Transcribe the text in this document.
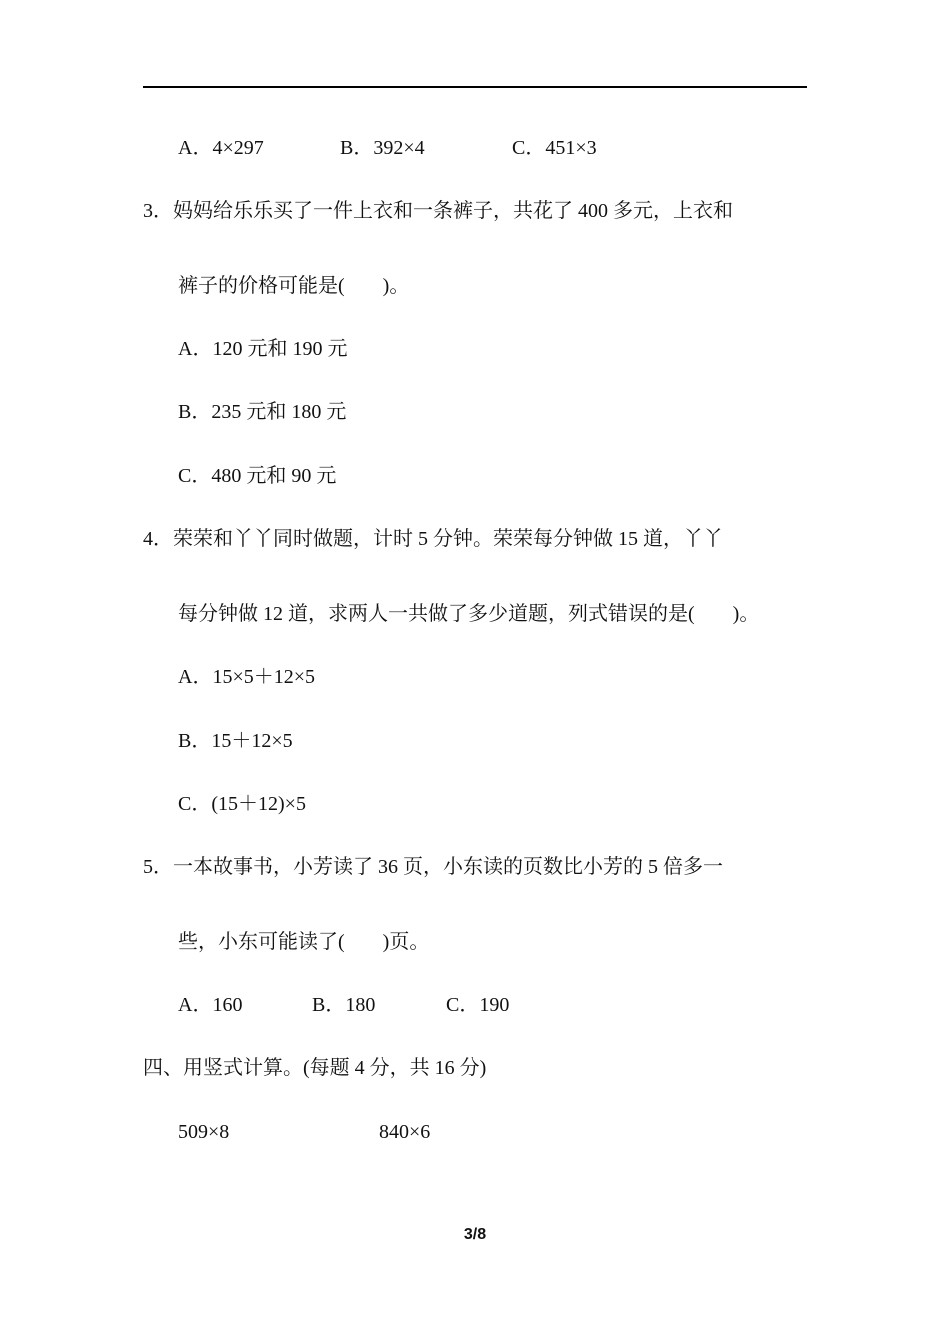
A．4×297	B．392×4	C．451×3
3．妈妈给乐乐买了一件上衣和一条裤子，共花了 400 多元，上衣和
裤子的价格可能是( )。
A．120 元和 190 元
B．235 元和 180 元
C．480 元和 90 元
4．荣荣和丫丫同时做题，计时 5 分钟。荣荣每分钟做 15 道，丫丫
每分钟做 12 道，求两人一共做了多少道题，列式错误的是( )。
A．15×5＋12×5
B．15＋12×5
C．(15＋12)×5
5．一本故事书，小芳读了 36 页，小东读的页数比小芳的 5 倍多一
些，小东可能读了( )页。
A．160	B．180	C．190
四、用竖式计算。(每题 4 分，共 16 分)
509×8	840×6
3/8
